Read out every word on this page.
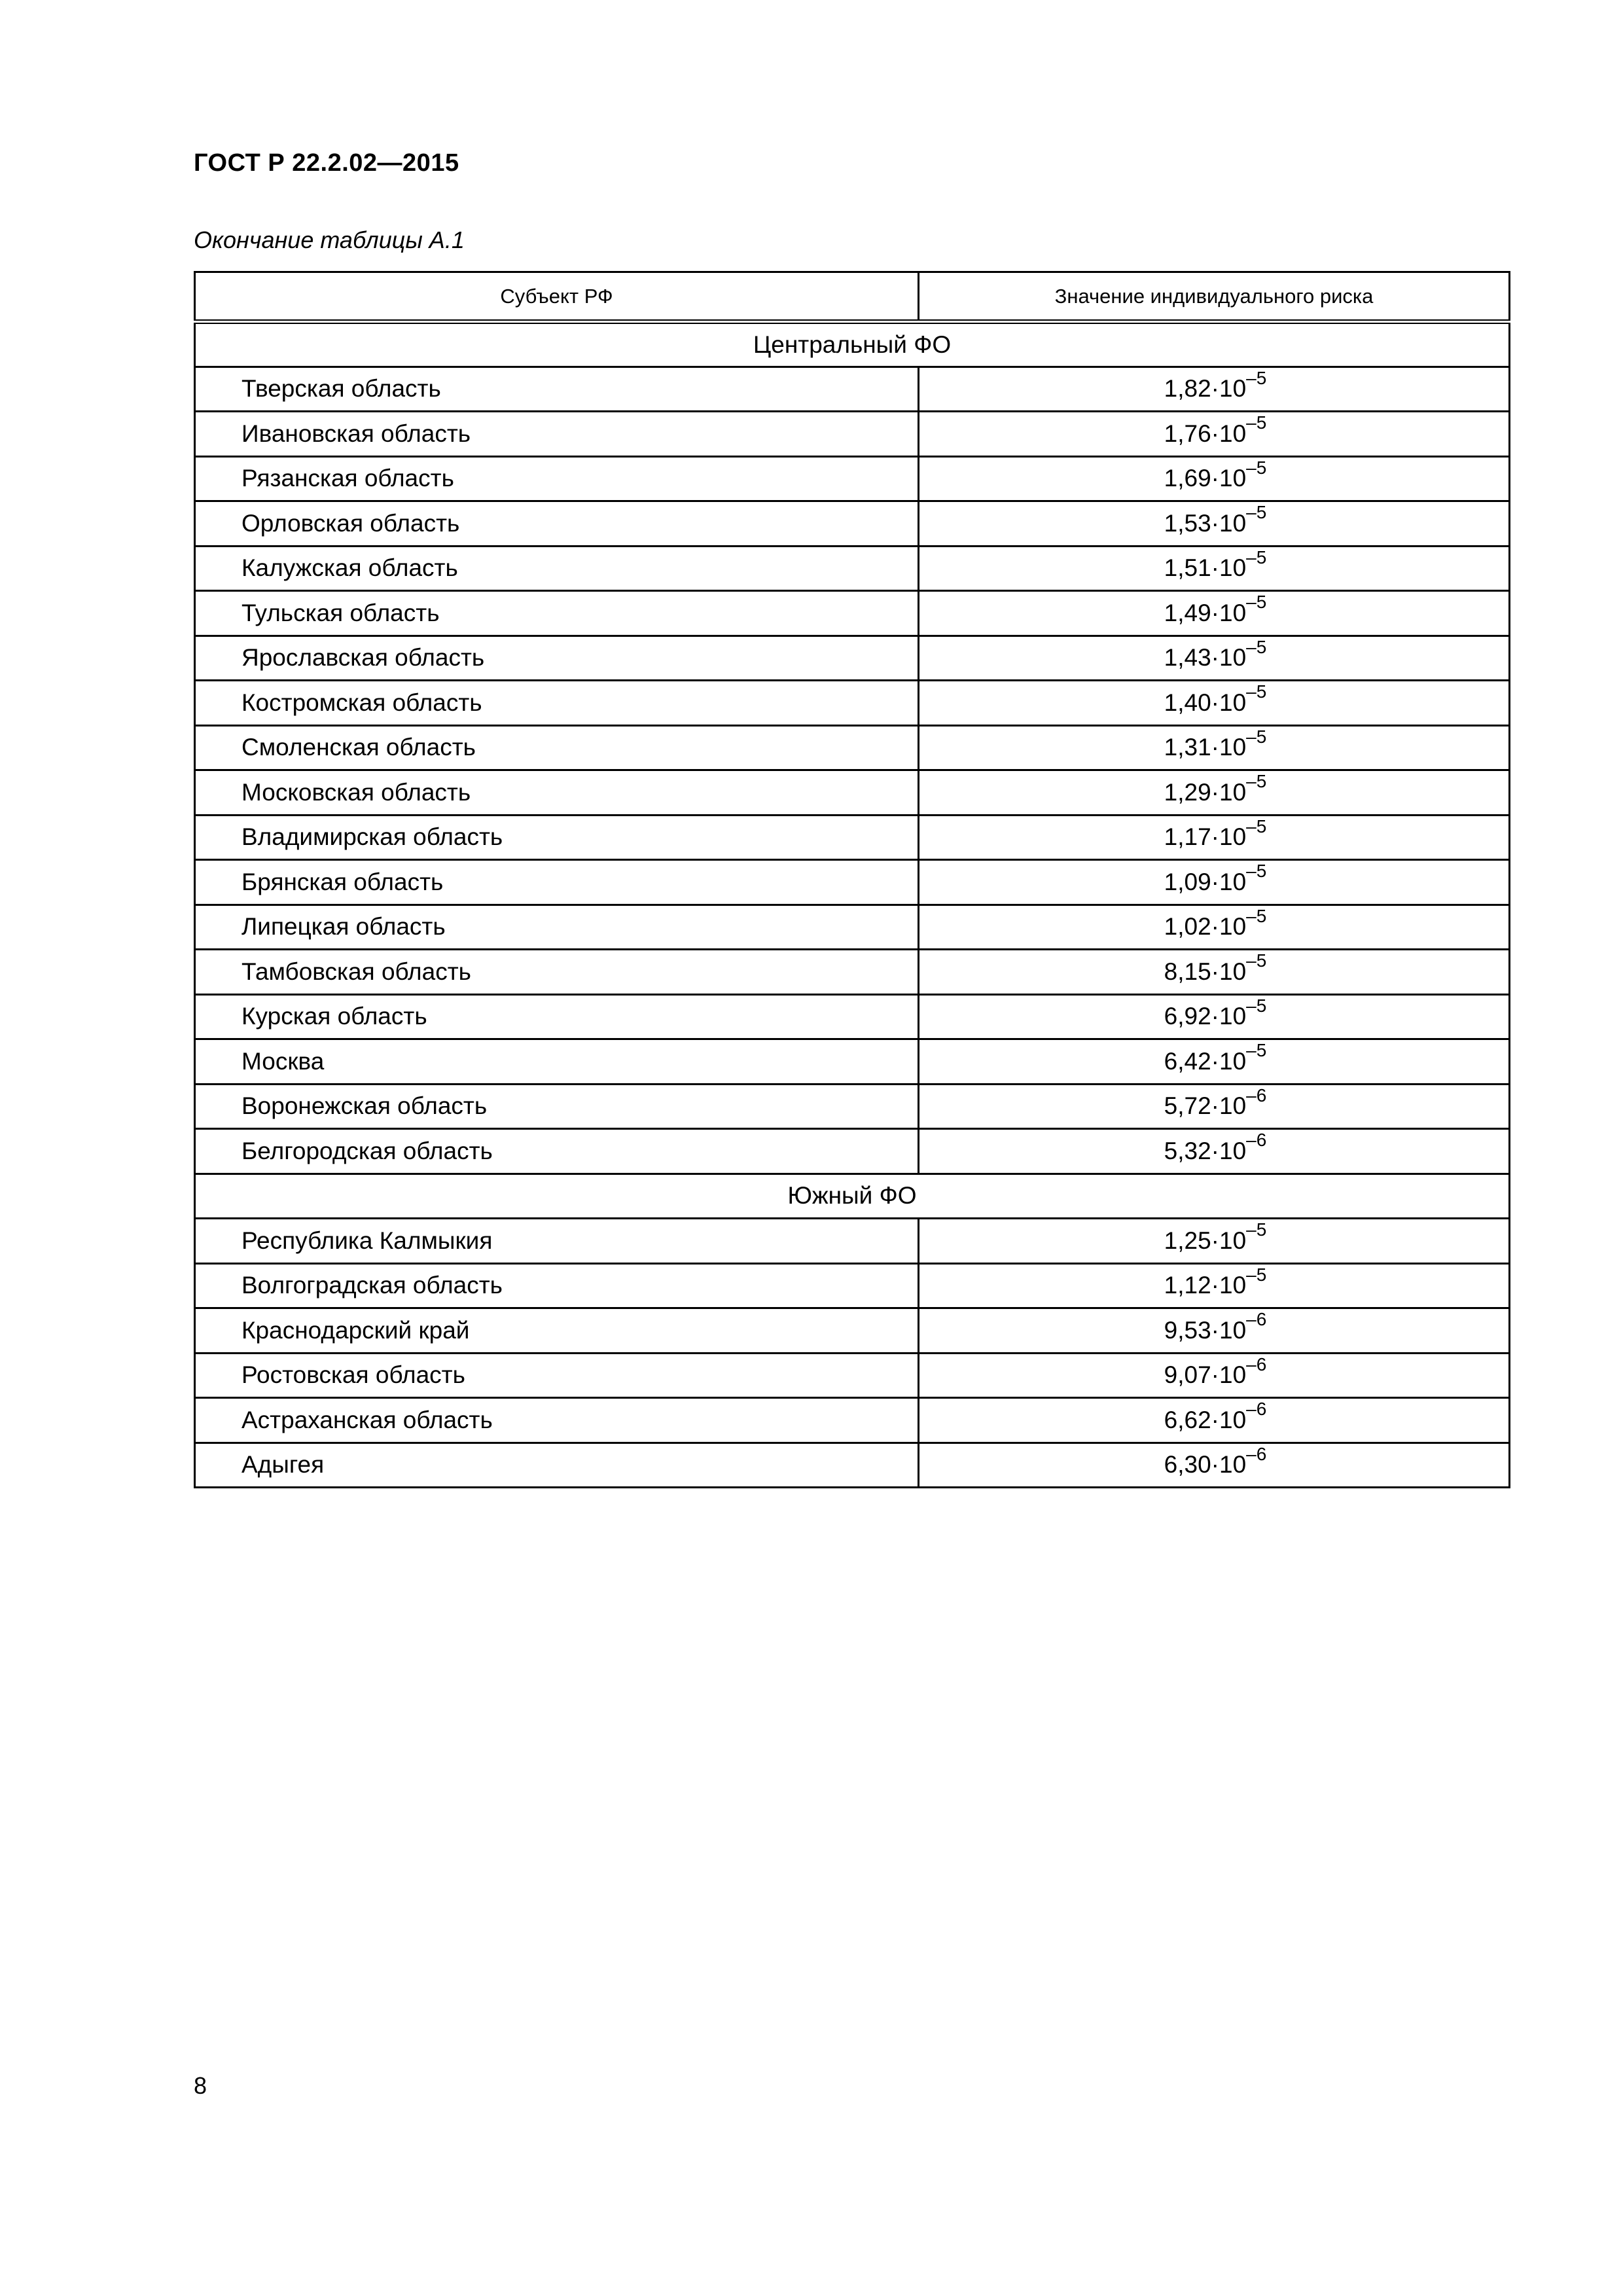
ГОСТ Р 22.2.02—2015
Окончание таблицы А.1
Субъект РФ	Значение индивидуального риска
Центральный ФО	
Тверская область	$1,82\cdot 10^{-5}$
Ивановская область	$1,76\cdot 10^{-5}$
Рязанская область	$1,69\cdot 10^{-5}$
Орловская область	$1,53\cdot 10^{-5}$
Калужская область	$1,51\cdot 10^{-5}$
Тульская область	$1,49\cdot 10^{-5}$
Ярославская область	$1,43\cdot 10^{-5}$
Костромская область	$1,40\cdot 10^{-5}$
Смоленская область	$1,31\cdot 10^{-5}$
Московская область	$1,29\cdot 10^{-5}$
Владимирская область	$1,17\cdot 10^{-5}$
Брянская область	$1,09\cdot 10^{-5}$
Липецкая область	$1,02\cdot 10^{-5}$
Тамбовская область	$8,15\cdot 10^{-5}$
Курская область	$6,92\cdot 10^{-5}$
Москва	$6,42\cdot 10^{-5}$
Воронежская область	$5,72\cdot 10^{-6}$
Белгородская область	$5,32\cdot 10^{-6}$
Южный ФО	
Республика Калмыкия	$1,25\cdot 10^{-5}$
Волгоградская область	$1,12\cdot 10^{-5}$
Краснодарский край	$9,53\cdot 10^{-6}$
Ростовская область	$9,07\cdot 10^{-6}$
Астраханская область	$6,62\cdot 10^{-6}$
Адыгея	$6,30\cdot 10^{-6}$
8
